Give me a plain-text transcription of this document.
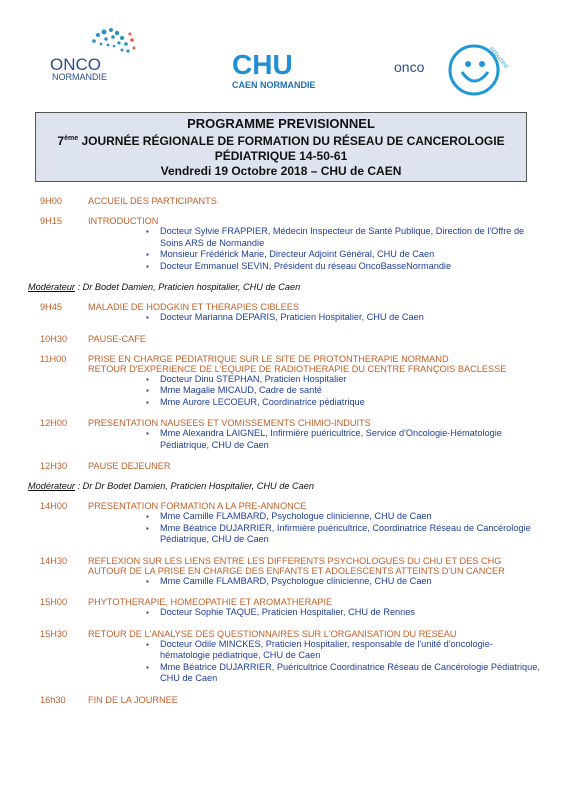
ONCO
NORMANDIE	CHU
CAEN NORMANDIE
onco	PÉDIATRIE
PROGRAMME PREVISIONNEL
7ème JOURNÉE RÉGIONALE DE FORMATION DU RÉSEAU DE CANCEROLOGIE
PÉDIATRIQUE 14-50-61
Vendredi 19 Octobre 2018 – CHU de CAEN
9H00	ACCUEIL DES PARTICIPANTS
9H15	INTRODUCTION
▪ Docteur Sylvie FRAPPIER, Médecin Inspecteur de Santé Publique, Direction de l'Offre de Soins ARS de Normandie
▪ Monsieur Frédérick Marie, Directeur Adjoint Général, CHU de Caen
▪ Docteur Emmanuel SEVIN, Président du réseau OncoBasseNormandie
Modérateur : Dr Bodet Damien, Praticien hospitalier, CHU de Caen
9H45	MALADIE DE HODGKIN ET THERAPIES CIBLEES
▪ Docteur Marianna DEPARIS, Praticien Hospitalier, CHU de Caen
10H30	PAUSE-CAFE
11H00	PRISE EN CHARGE PEDIATRIQUE SUR LE SITE DE PROTONTHERAPIE NORMAND
RETOUR D'EXPERIENCE DE L'EQUIPE DE RADIOTHERAPIE DU CENTRE FRANÇOIS BACLESSE
▪ Docteur Dinu STEPHAN, Praticien Hospitalier
▪ Mme Magalie MICAUD, Cadre de santé
▪ Mme Aurore LECOEUR, Coordinatrice pédiatrique
12H00	PRESENTATION NAUSEES ET VOMISSEMENTS CHIMIO-INDUITS
▪ Mme Alexandra LAIGNEL, Infirmière puéricultrice, Service d'Oncologie-Hématologie Pédiatrique, CHU de Caen
12H30	PAUSE DEJEUNER
Modérateur : Dr Dr Bodet Damien, Praticien Hospitalier, CHU de Caen
14H00	PRESENTATION FORMATION A LA PRE-ANNONCE
▪ Mme Camille FLAMBARD, Psychologue clinicienne, CHU de Caen
▪ Mme Béatrice DUJARRIER, Infirmière puéricultrice, Coordinatrice Réseau de Cancérologie Pédiatrique, CHU de Caen
14H30	REFLEXION SUR LES LIENS ENTRE LES DIFFERENTS PSYCHOLOGUES DU CHU ET DES CHG
AUTOUR DE LA PRISE EN CHARGE DES ENFANTS ET ADOLESCENTS ATTEINTS D'UN CANCER
▪ Mme Camille FLAMBARD, Psychologue clinicienne, CHU de Caen
15H00	PHYTOTHERAPIE, HOMEOPATHIE ET AROMATHERAPIE
▪ Docteur Sophie TAQUE, Praticien Hospitalier, CHU de Rennes
15H30	RETOUR DE L'ANALYSE DES QUESTIONNAIRES SUR L'ORGANISATION DU RESEAU
▪ Docteur Odile MINCKES, Praticien Hospitalier, responsable de l'unité d'oncologie-hématologie pédiatrique, CHU de Caen
▪ Mme Béatrice DUJARRIER, Puéricultrice Coordinatrice Réseau de Cancérologie Pédiatrique, CHU de Caen
16h30	FIN DE LA JOURNEE
